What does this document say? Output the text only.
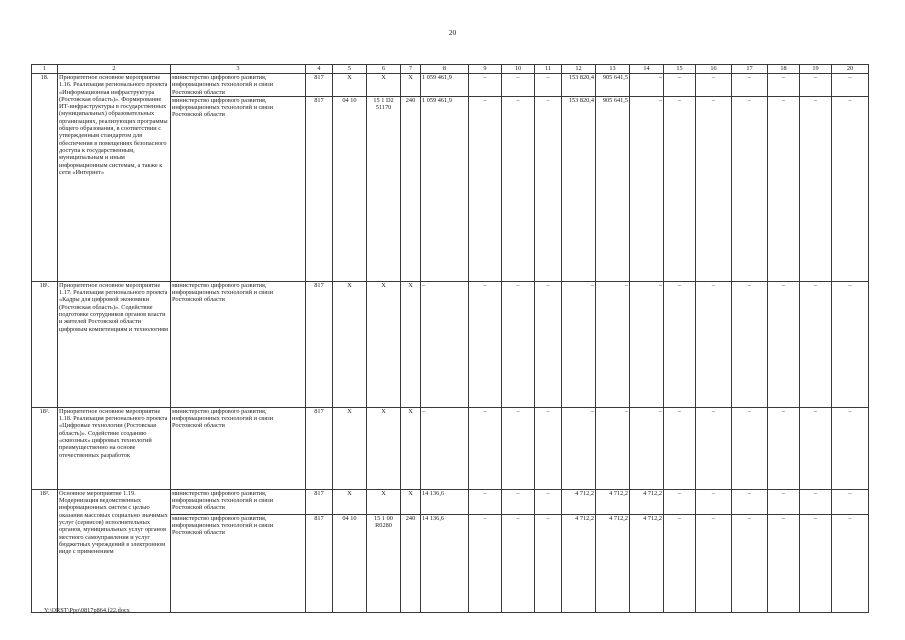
20
1	2	3	4	5	6	7	8	9	10	11	12	13	14	15	16	17	18	19	20
18.	Приоритетное основное мероприятие 1.16. Реализация регионального проекта «Информационная инфраструктура (Ростовская область)». Формирование ИТ-инфраструктуры в государственных (муниципальных) образовательных организациях, реализующих программы общего образования, в соответствии с утвержденным стандартом для обеспечения в помещениях безопасного доступа к государственным, муниципальным и иным информационным системам, а также к сети «Интернет»	министерство цифрового развития, информационных технологий и связи Ростовской области	817	Х	Х	Х	1 059 461,9	–	–	–	153 820,4	905 641,5	–	–	–	–	–	–	–
		министерство цифрового развития, информационных технологий и связи Ростовской области	817	04 10	15 1 D2 51170	240	1 059 461,9	–	–	–	153 820,4	905 641,5	–	–	–	–	–	–	–
18¹.	Приоритетное основное мероприятие 1.17. Реализация регионального проекта «Кадры для цифровой экономики (Ростовская область)». Содействие подготовке сотрудников органов власти и жителей Ростовской области цифровым компетенциям и технологиям	министерство цифрового развития, информационных технологий и связи Ростовской области	817	Х	Х	Х	–	–	–	–	–	–	–	–	–	–	–	–	–
18².	Приоритетное основное мероприятие 1.18. Реализация регионального проекта «Цифровые технологии (Ростовская область)». Содействие созданию «сквозных» цифровых технологий преимущественно на основе отечественных разработок	министерство цифрового развития, информационных технологий и связи Ростовской области	817	Х	Х	Х	–	–	–	–	–	–	–	–	–	–	–	–	–
18³.	Основное мероприятие 1.19. Модернизация ведомственных информационных систем с целью оказания массовых социально значимых услуг (сервисов) исполнительных органов, муниципальных услуг органов местного самоуправления и услуг бюджетных учреждений в электронном виде с применением	министерство цифрового развития, информационных технологий и связи Ростовской области	817	Х	Х	Х	14 136,6	–	–	–	4 712,2	4 712,2	4 712,2	–	–	–	–	–	–
		министерство цифрового развития, информационных технологий и связи Ростовской области	817	04 10	15 1 00 R0280	240	14 136,6	–	–	–	4 712,2	4 712,2	4 712,2	–	–	–	–	–	–
Y:\ORST\Ppo\0817p864.f22.docx
